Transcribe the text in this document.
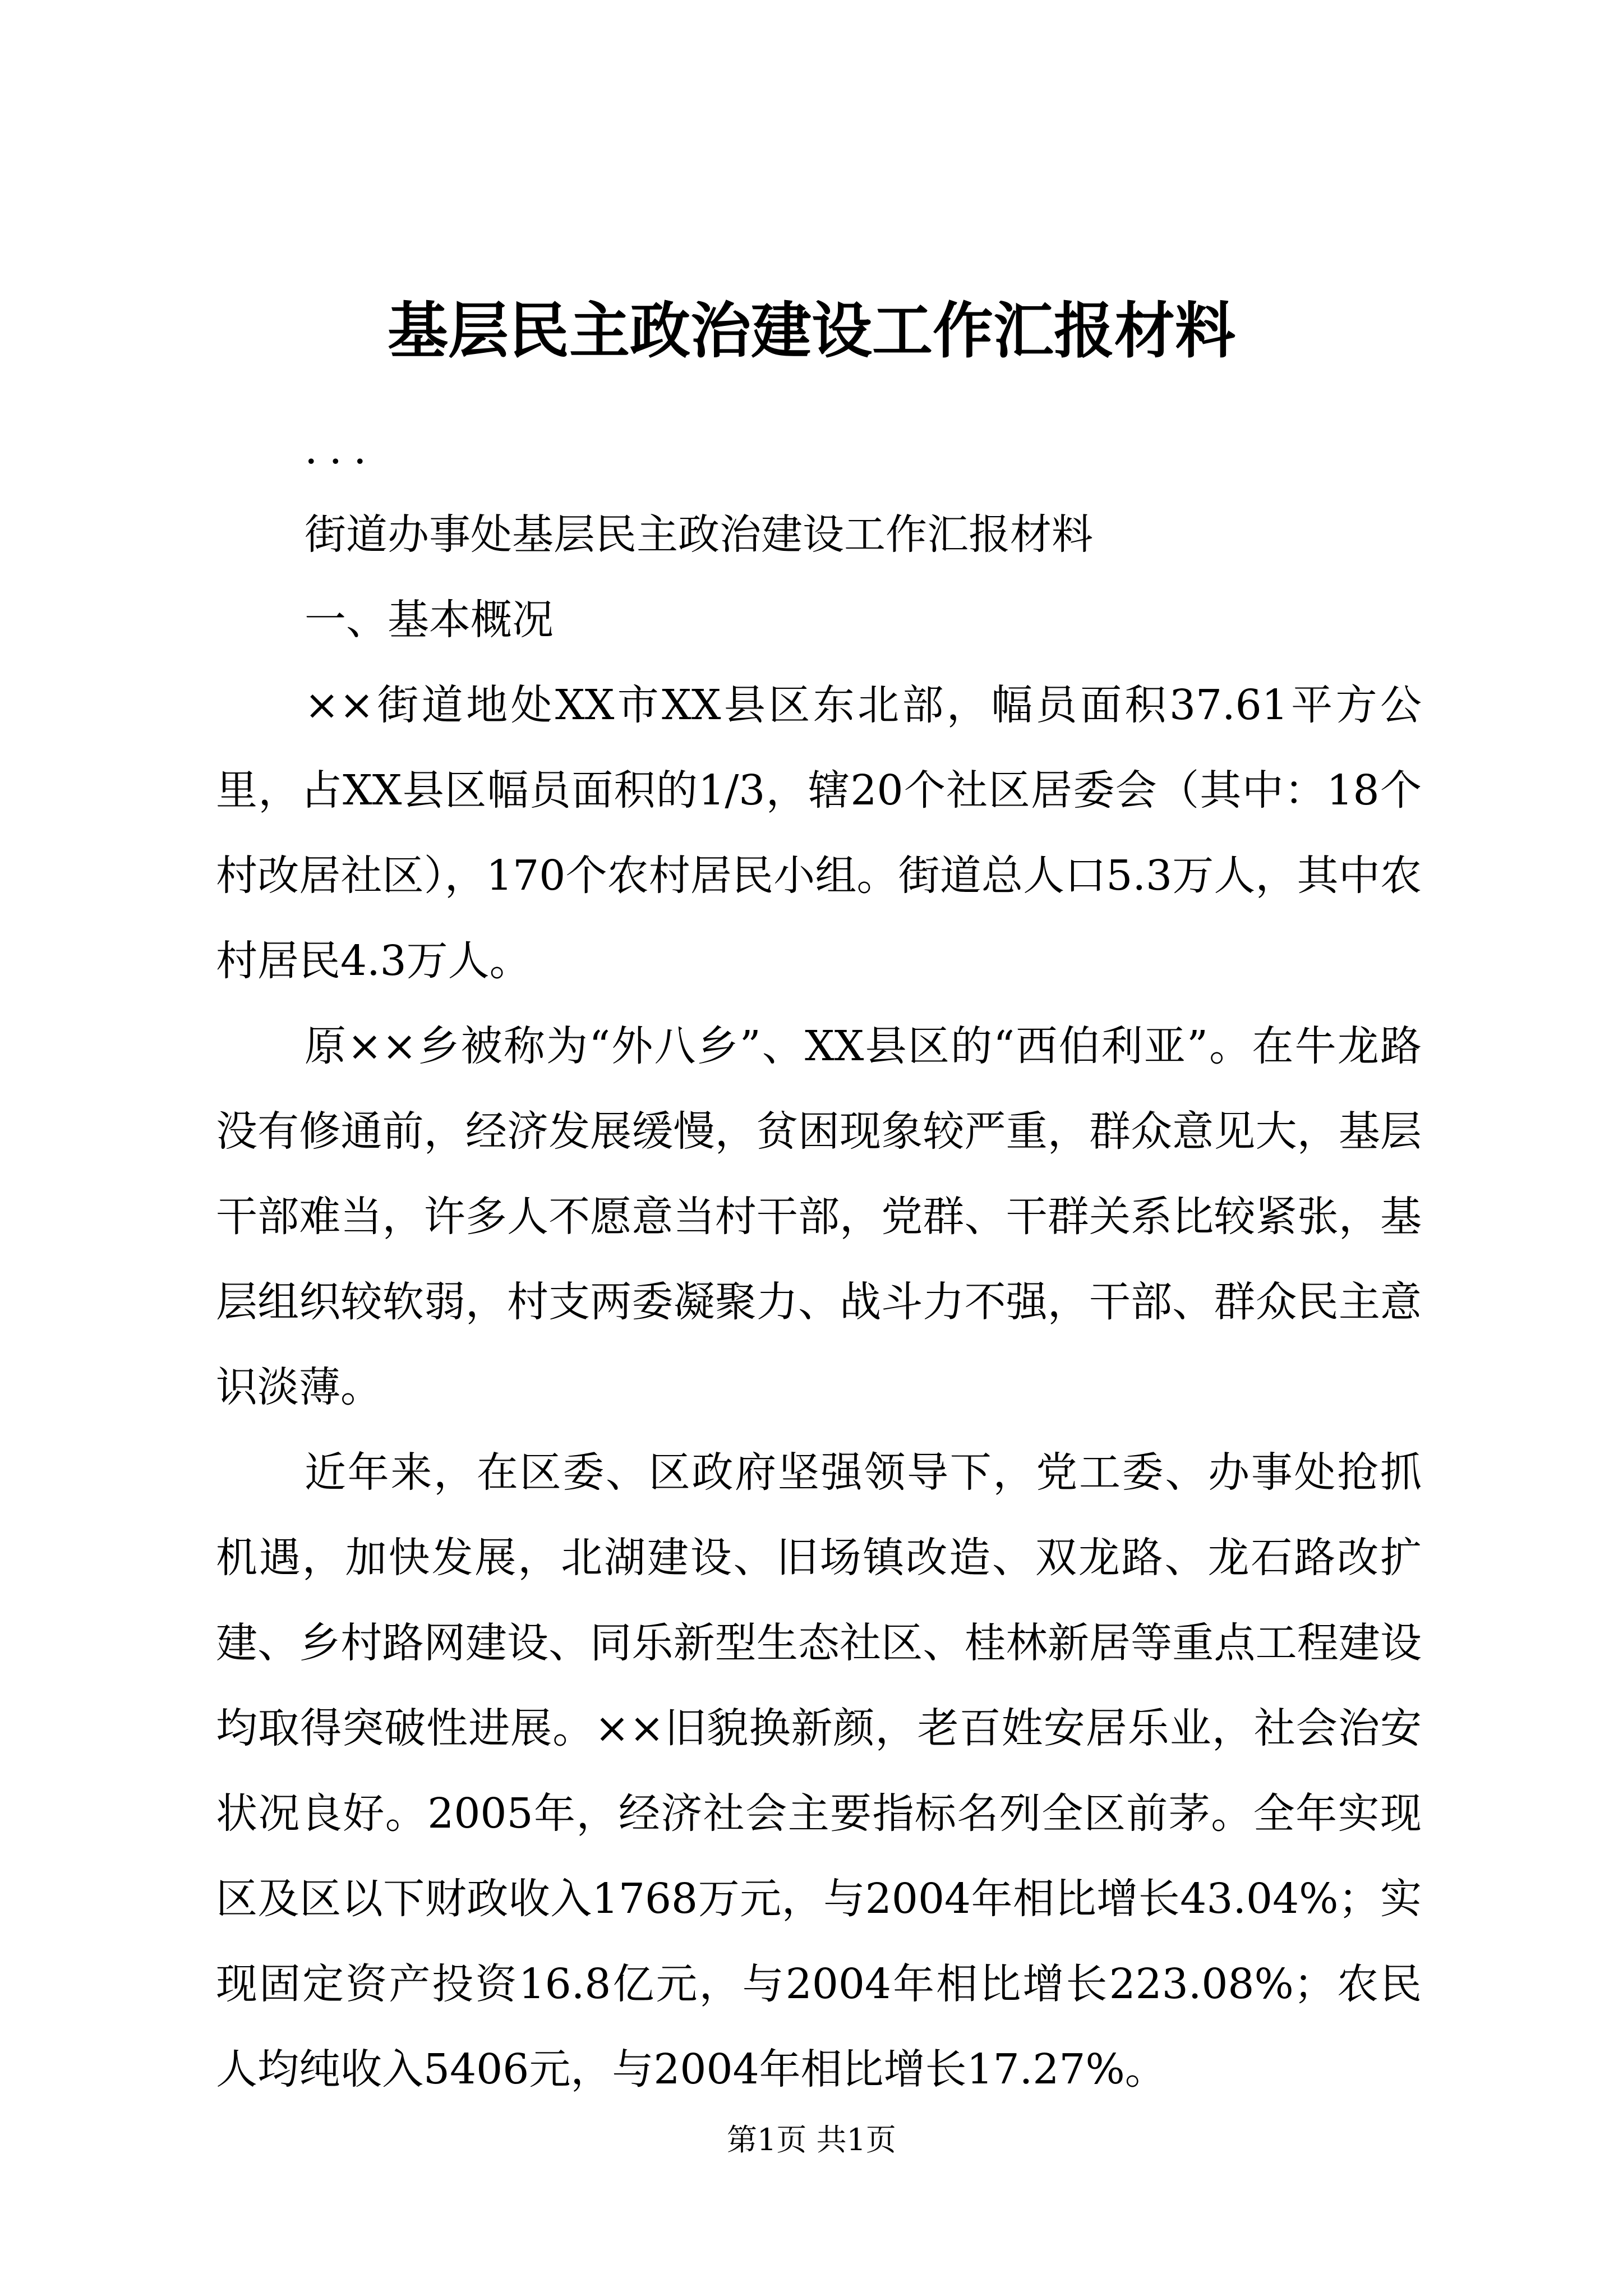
基层民主政治建设工作汇报材料

...

街道办事处基层民主政治建设工作汇报材料

一、基本概况

××街道地处XX市XX县区东北部，幅员面积37.61平方公里，占XX县区幅员面积的1/3，辖20个社区居委会（其中：18个村改居社区），170个农村居民小组。街道总人口5.3万人，其中农村居民4.3万人。

原××乡被称为“外八乡”、XX县区的“西伯利亚”。在牛龙路没有修通前，经济发展缓慢，贫困现象较严重，群众意见大，基层干部难当，许多人不愿意当村干部，党群、干群关系比较紧张，基层组织较软弱，村支两委凝聚力、战斗力不强，干部、群众民主意识淡薄。

近年来，在区委、区政府坚强领导下，党工委、办事处抢抓机遇，加快发展，北湖建设、旧场镇改造、双龙路、龙石路改扩建、乡村路网建设、同乐新型生态社区、桂林新居等重点工程建设均取得突破性进展。××旧貌换新颜，老百姓安居乐业，社会治安状况良好。2005年，经济社会主要指标名列全区前茅。全年实现区及区以下财政收入1768万元，与2004年相比增长43.04%；实现固定资产投资16.8亿元，与2004年相比增长223.08%；农民人均纯收入5406元，与2004年相比增长17.27%。

第1页 共1页
